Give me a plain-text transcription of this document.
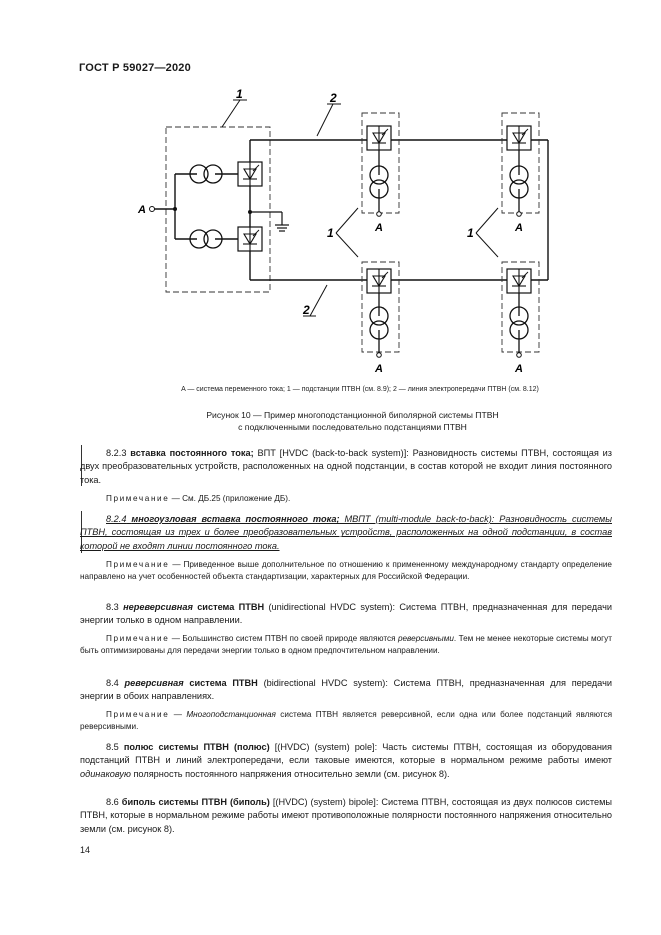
ГОСТ Р 59027—2020
1	2
2
1	1
A
A	A
A	A
A — система переменного тока; 1 — подстанции ПТВН (см. 8.9); 2 — линия электропередачи ПТВН (см. 8.12)
Рисунок 10 — Пример многоподстанционной биполярной системы ПТВН
с подключенными последовательно подстанциями ПТВН

8.2.3 вставка постоянного тока; ВПТ [HVDC (back-to-back system)]: Разновидность системы ПТВН, состоящая из двух преобразовательных устройств, расположенных на одной подстанции, в состав которой не входит линия постоянного тока.

Примечание — См. ДБ.25 (приложение ДБ).

8.2.4 многоузловая вставка постоянного тока; МВПТ (multi-module back-to-back): Разновидность системы ПТВН, состоящая из трех и более преобразовательных устройств, расположенных на одной подстанции, в состав которой не входят линии постоянного тока.

Примечание — Приведенное выше дополнительное по отношению к примененному международному стандарту определение направлено на учет особенностей объекта стандартизации, характерных для Российской Федерации.

8.3 нереверсивная система ПТВН (unidirectional HVDC system): Система ПТВН, предназначенная для передачи энергии только в одном направлении.

Примечание — Большинство систем ПТВН по своей природе являются реверсивными. Тем не менее некоторые системы могут быть оптимизированы для передачи энергии только в одном предпочтительном направлении.

8.4 реверсивная система ПТВН (bidirectional HVDC system): Система ПТВН, предназначенная для передачи энергии в обоих направлениях.

Примечание — Многоподстанционная система ПТВН является реверсивной, если одна или более подстанций являются реверсивными.

8.5 полюс системы ПТВН (полюс) [(HVDC) (system) pole]: Часть системы ПТВН, состоящая из оборудования подстанций ПТВН и линий электропередачи, если таковые имеются, которые в нормальном режиме работы имеют одинаковую полярность постоянного напряжения относительно земли (см. рисунок 8).

8.6 биполь системы ПТВН (биполь) [(HVDC) (system) bipole]: Система ПТВН, состоящая из двух полюсов системы ПТВН, которые в нормальном режиме работы имеют противоположные полярности постоянного напряжения относительно земли (см. рисунок 8).

14
